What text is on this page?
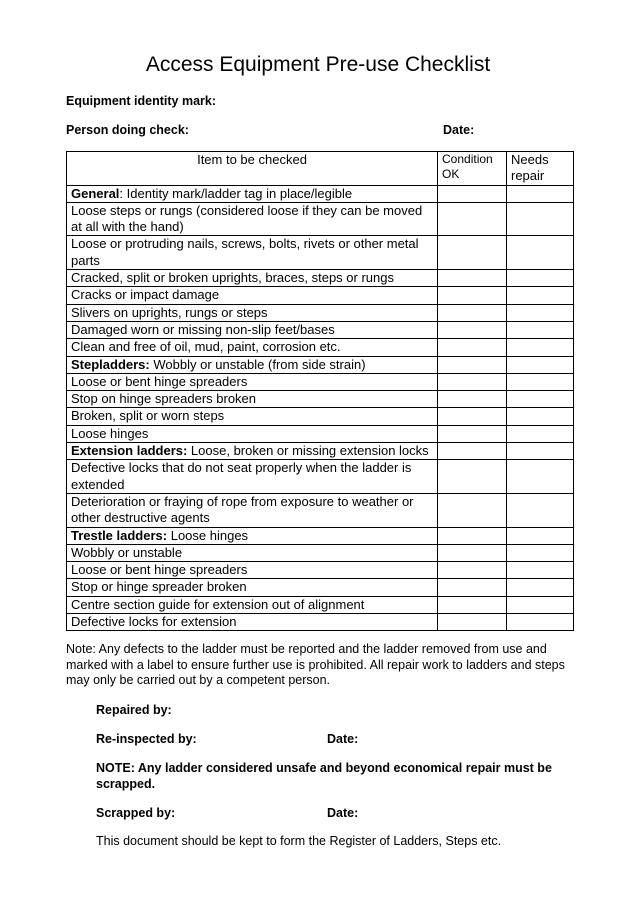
Access Equipment Pre-use Checklist
Equipment identity mark:
Person doing check:	Date:
Item to be checked	Condition OK	Needs repair
General: Identity mark/ladder tag in place/legible		
Loose steps or rungs (considered loose if they can be moved at all with the hand)		
Loose or protruding nails, screws, bolts, rivets or other metal parts		
Cracked, split or broken uprights, braces, steps or rungs		
Cracks or impact damage		
Slivers on uprights, rungs or steps		
Damaged worn or missing non-slip feet/bases		
Clean and free of oil, mud, paint, corrosion etc.		
Stepladders: Wobbly or unstable (from side strain)		
Loose or bent hinge spreaders		
Stop on hinge spreaders broken		
Broken, split or worn steps		
Loose hinges		
Extension ladders: Loose, broken or missing extension locks		
Defective locks that do not seat properly when the ladder is extended		
Deterioration or fraying of rope from exposure to weather or other destructive agents		
Trestle ladders: Loose hinges		
Wobbly or unstable		
Loose or bent hinge spreaders		
Stop or hinge spreader broken		
Centre section guide for extension out of alignment		
Defective locks for extension		
Note: Any defects to the ladder must be reported and the ladder removed from use and marked with a label to ensure further use is prohibited. All repair work to ladders and steps may only be carried out by a competent person.
Repaired by:
Re-inspected by:	Date:
NOTE: Any ladder considered unsafe and beyond economical repair must be scrapped.
Scrapped by:	Date:
This document should be kept to form the Register of Ladders, Steps etc.
